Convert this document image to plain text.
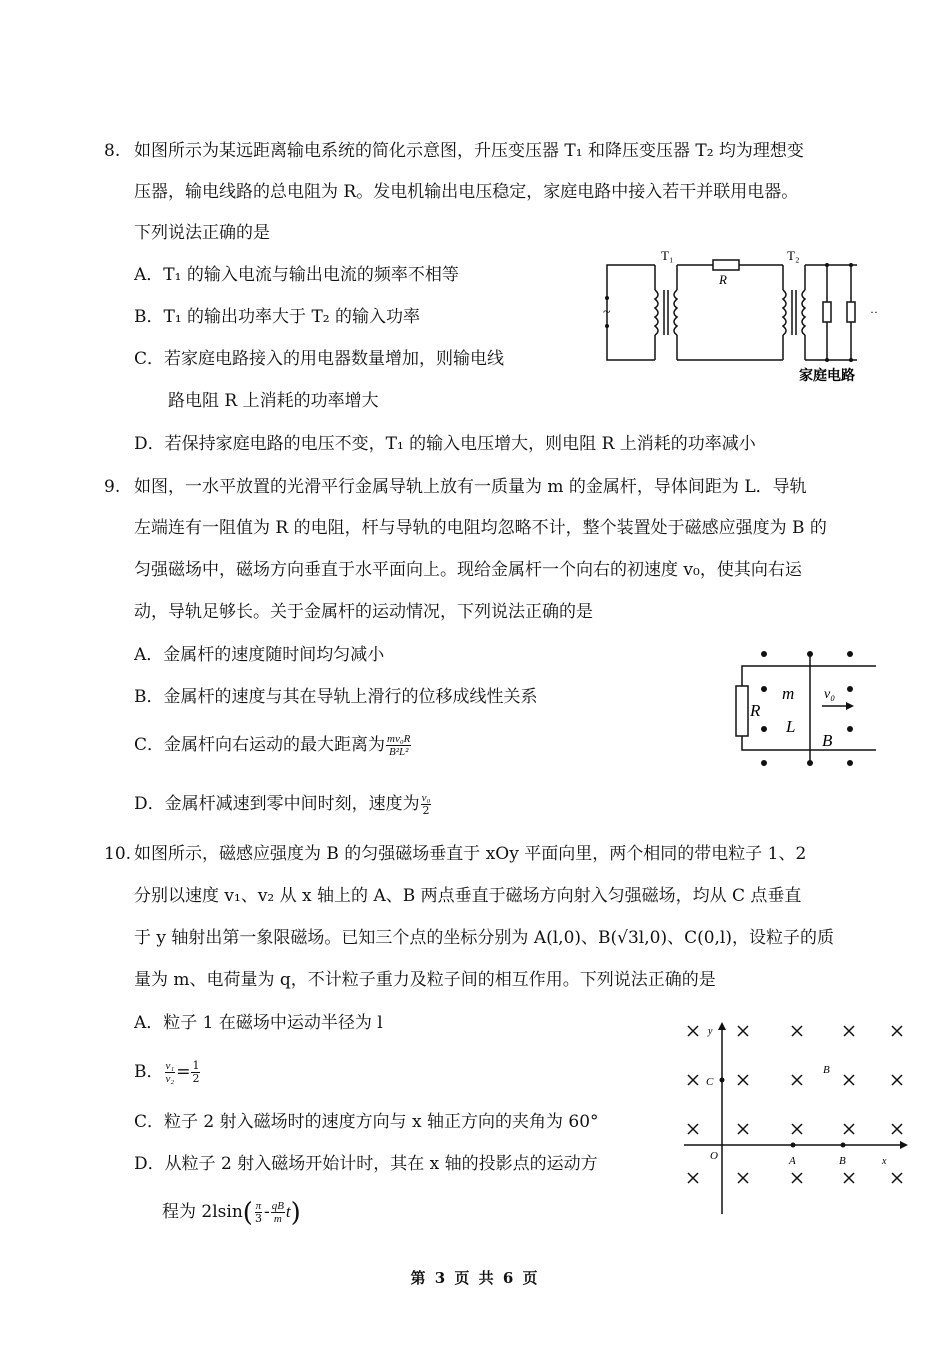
8. 如图所示为某远距离输电系统的简化示意图，升压变压器 T₁ 和降压变压器 T₂ 均为理想变
压器，输电线路的总电阻为 R。发电机输出电压稳定，家庭电路中接入若干并联用电器。
下列说法正确的是
A．T₁ 的输入电流与输出电流的频率不相等
B．T₁ 的输出功率大于 T₂ 的输入功率
C．若家庭电路接入的用电器数量增加，则输电线
路电阻 R 上消耗的功率增大
D．若保持家庭电路的电压不变，T₁ 的输入电压增大，则电阻 R 上消耗的功率减小
~	··
T₁	T₂
R
家庭电路
9. 如图，一水平放置的光滑平行金属导轨上放有一质量为 m 的金属杆，导体间距为 L．导轨
左端连有一阻值为 R 的电阻，杆与导轨的电阻均忽略不计，整个装置处于磁感应强度为 B 的
匀强磁场中，磁场方向垂直于水平面向上。现给金属杆一个向右的初速度 v₀，使其向右运
动，导轨足够长。关于金属杆的运动情况，下列说法正确的是
A．金属杆的速度随时间均匀减小
B．金属杆的速度与其在导轨上滑行的位移成线性关系
C．金属杆向右运动的最大距离为 $\frac{\text{mv₀R}}{\text{B²L²}}$
D．金属杆减速到零中间时刻，速度为 $\frac{\text{v₀}}{2}$
R
m
L
v₀
B
10. 如图所示，磁感应强度为 B 的匀强磁场垂直于 xOy 平面向里，两个相同的带电粒子 1、2
分别以速度 v₁、v₂ 从 x 轴上的 A、B 两点垂直于磁场方向射入匀强磁场，均从 C 点垂直
于 y 轴射出第一象限磁场。已知三个点的坐标分别为 A(l,0)、B(√3l,0)、C(0,l)，设粒子的质
量为 m、电荷量为 q，不计粒子重力及粒子间的相互作用。下列说法正确的是
A．粒子 1 在磁场中运动半径为 l
B． $\frac{\text{v₁}}{\text{v₂}} = \frac{1}{2}$
C．粒子 2 射入磁场时的速度方向与 x 轴正方向的夹角为 60°
D．从粒子 2 射入磁场开始计时，其在 x 轴的投影点的运动方
程为 $2lsin( \frac{\pi}{3} - \frac{qB}{m} t)$
y
x
O	A	B
B
C
第 3 页 共 6 页
